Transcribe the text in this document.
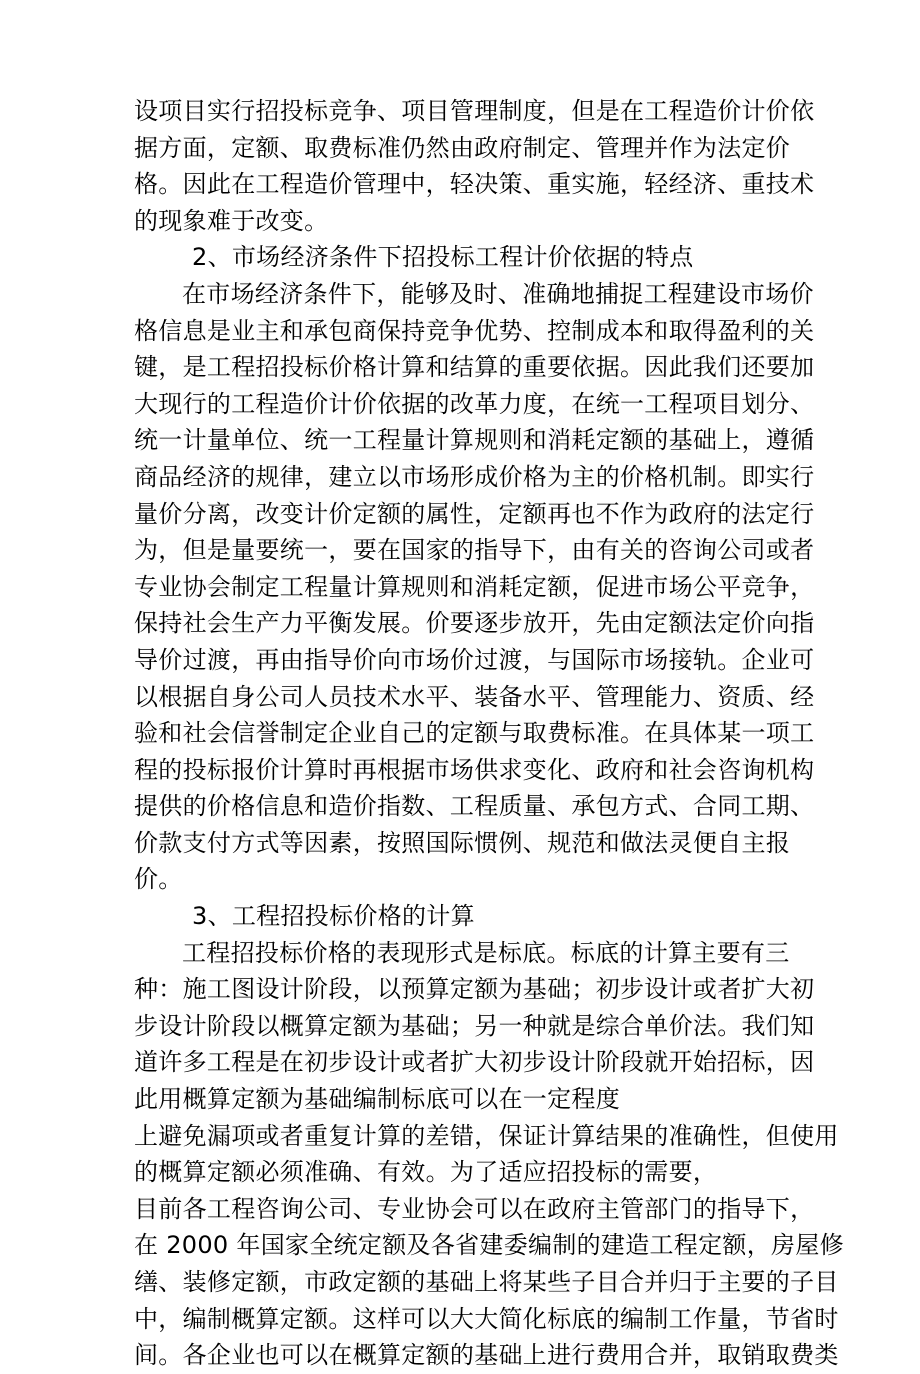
设项目实行招投标竞争、项目管理制度，但是在工程造价计价依
据方面，定额、取费标准仍然由政府制定、管理并作为法定价
格。因此在工程造价管理中，轻决策、重实施，轻经济、重技术
的现象难于改变。
2、市场经济条件下招投标工程计价依据的特点
在市场经济条件下，能够及时、准确地捕捉工程建设市场价
格信息是业主和承包商保持竞争优势、控制成本和取得盈利的关
键，是工程招投标价格计算和结算的重要依据。因此我们还要加
大现行的工程造价计价依据的改革力度，在统一工程项目划分、
统一计量单位、统一工程量计算规则和消耗定额的基础上，遵循
商品经济的规律，建立以市场形成价格为主的价格机制。即实行
量价分离，改变计价定额的属性，定额再也不作为政府的法定行
为，但是量要统一，要在国家的指导下，由有关的咨询公司或者
专业协会制定工程量计算规则和消耗定额，促进市场公平竞争，
保持社会生产力平衡发展。价要逐步放开，先由定额法定价向指
导价过渡，再由指导价向市场价过渡，与国际市场接轨。企业可
以根据自身公司人员技术水平、装备水平、管理能力、资质、经
验和社会信誉制定企业自己的定额与取费标准。在具体某一项工
程的投标报价计算时再根据市场供求变化、政府和社会咨询机构
提供的价格信息和造价指数、工程质量、承包方式、合同工期、
价款支付方式等因素，按照国际惯例、规范和做法灵便自主报
价。
3、工程招投标价格的计算
工程招投标价格的表现形式是标底。标底的计算主要有三
种：施工图设计阶段，以预算定额为基础；初步设计或者扩大初
步设计阶段以概算定额为基础；另一种就是综合单价法。我们知
道许多工程是在初步设计或者扩大初步设计阶段就开始招标，因
此用概算定额为基础编制标底可以在一定程度
上避免漏项或者重复计算的差错，保证计算结果的准确性，但使用
的概算定额必须准确、有效。为了适应招投标的需要，
目前各工程咨询公司、专业协会可以在政府主管部门的指导下，
在 2000 年国家全统定额及各省建委编制的建造工程定额，房屋修
缮、装修定额，市政定额的基础上将某些子目合并归于主要的子目
中，编制概算定额。这样可以大大简化标底的编制工作量，节省时
间。各企业也可以在概算定额的基础上进行费用合并，取销取费类
